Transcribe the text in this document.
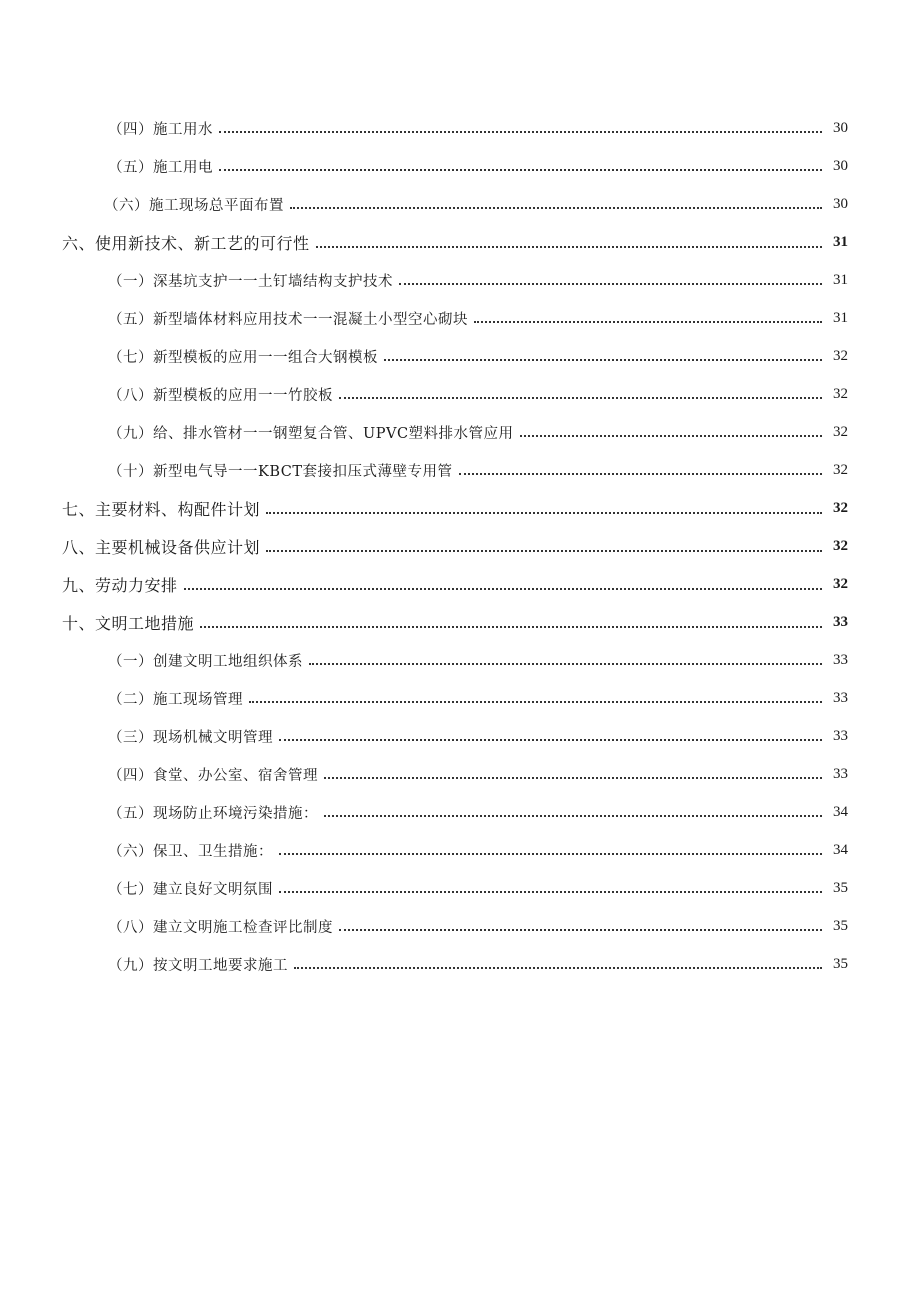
（四）施工用水	30
（五）施工用电	30
（六）施工现场总平面布置	30
六、使用新技术、新工艺的可行性	31
（一）深基坑支护一一土钉墙结构支护技术	31
（五）新型墙体材料应用技术一一混凝土小型空心砌块	31
（七）新型模板的应用一一组合大钢模板	32
（八）新型模板的应用一一竹胶板	32
（九）给、排水管材一一钢塑复合管、UPVC塑料排水管应用	32
（十）新型电气导一一KBCT套接扣压式薄壁专用管	32
七、主要材料、构配件计划	32
八、主要机械设备供应计划	32
九、劳动力安排	32
十、文明工地措施	33
（一）创建文明工地组织体系	33
（二）施工现场管理	33
（三）现场机械文明管理	33
（四）食堂、办公室、宿舍管理	33
（五）现场防止环境污染措施：	34
（六）保卫、卫生措施：	34
（七）建立良好文明氛围	35
（八）建立文明施工检查评比制度	35
（九）按文明工地要求施工	35
